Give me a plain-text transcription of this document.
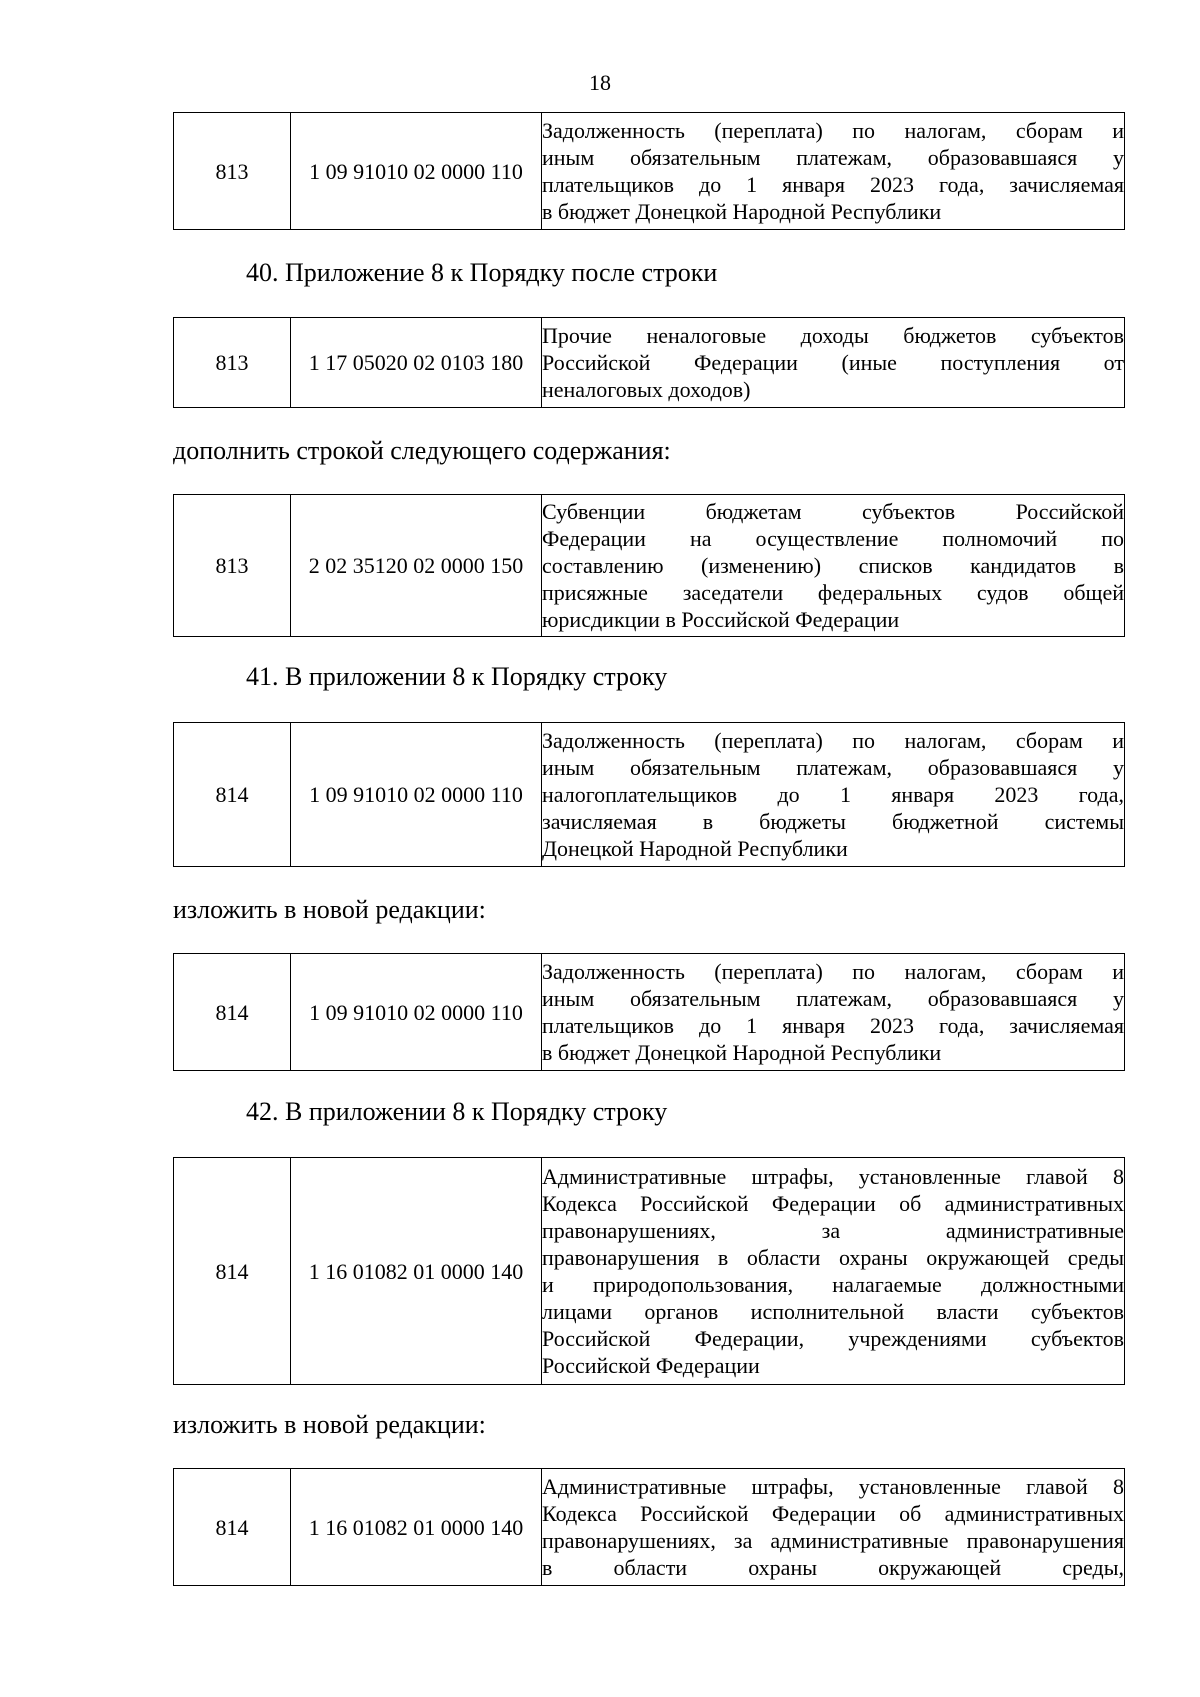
18
813	1 09 91010 02 0000 110	
Задолженность (переплата) по налогам, сборам и
иным обязательным платежам, образовавшаяся у
плательщиков до 1 января 2023 года, зачисляемая
в бюджет Донецкой Народной Республики
40. Приложение 8 к Порядку после строки
813	1 17 05020 02 0103 180	
Прочие неналоговые доходы бюджетов субъектов
Российской Федерации (иные поступления от
неналоговых доходов)
дополнить строкой следующего содержания:
813	2 02 35120 02 0000 150	
Субвенции бюджетам субъектов Российской
Федерации на осуществление полномочий по
составлению (изменению) списков кандидатов в
присяжные заседатели федеральных судов общей
юрисдикции в Российской Федерации
41. В приложении 8 к Порядку строку
814	1 09 91010 02 0000 110	
Задолженность (переплата) по налогам, сборам и
иным обязательным платежам, образовавшаяся у
налогоплательщиков до 1 января 2023 года,
зачисляемая в бюджеты бюджетной системы
Донецкой Народной Республики
изложить в новой редакции:
814	1 09 91010 02 0000 110	
Задолженность (переплата) по налогам, сборам и
иным обязательным платежам, образовавшаяся у
плательщиков до 1 января 2023 года, зачисляемая
в бюджет Донецкой Народной Республики
42. В приложении 8 к Порядку строку
814	1 16 01082 01 0000 140	
Административные штрафы, установленные главой 8
Кодекса Российской Федерации об административных
правонарушениях, за административные
правонарушения в области охраны окружающей среды
и природопользования, налагаемые должностными
лицами органов исполнительной власти субъектов
Российской Федерации, учреждениями субъектов
Российской Федерации
изложить в новой редакции:
814	1 16 01082 01 0000 140	
Административные штрафы, установленные главой 8
Кодекса Российской Федерации об административных
правонарушениях, за административные правонарушения
в области охраны окружающей среды,
